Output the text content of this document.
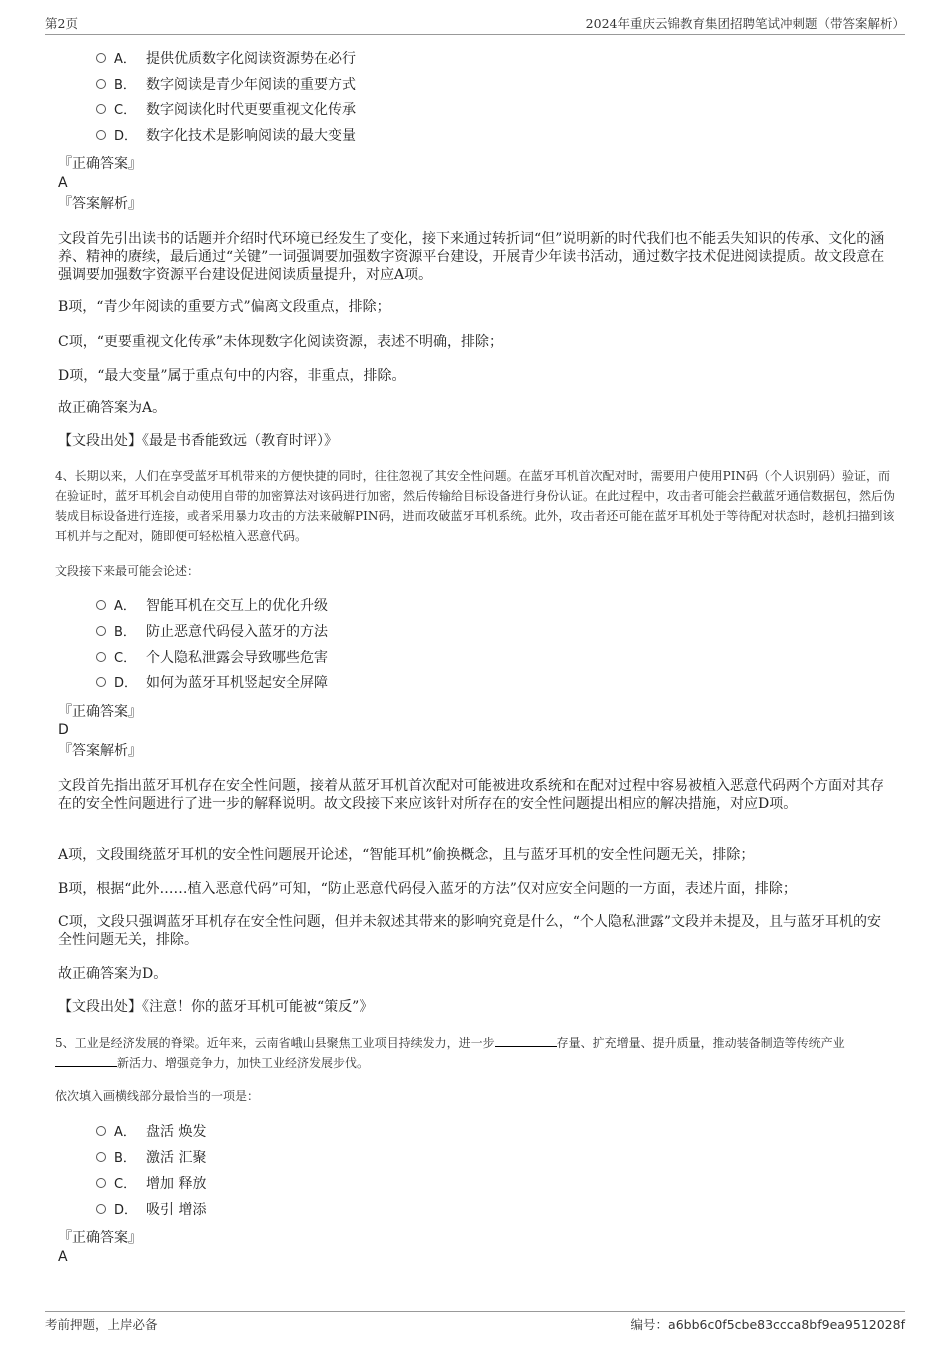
第2页	2024年重庆云锦教育集团招聘笔试冲刺题（带答案解析）
A． 提供优质数字化阅读资源势在必行
B． 数字阅读是青少年阅读的重要方式
C． 数字阅读化时代更要重视文化传承
D． 数字化技术是影响阅读的最大变量
『正确答案』
A
『答案解析』
文段首先引出读书的话题并介绍时代环境已经发生了变化，接下来通过转折词“但”说明新的时代我们也不能丢失知识的传承、文化的涵养、精神的赓续，最后通过“关键”一词强调要加强数字资源平台建设，开展青少年读书活动，通过数字技术促进阅读提质。故文段意在强调要加强数字资源平台建设促进阅读质量提升，对应A项。
B项，“青少年阅读的重要方式”偏离文段重点，排除；
C项，“更要重视文化传承”未体现数字化阅读资源，表述不明确，排除；
D项，“最大变量”属于重点句中的内容，非重点，排除。
故正确答案为A。
【文段出处】《最是书香能致远（教育时评）》
4、长期以来，人们在享受蓝牙耳机带来的方便快捷的同时，往往忽视了其安全性问题。在蓝牙耳机首次配对时，需要用户使用PIN码（个人识别码）验证，而在验证时，蓝牙耳机会自动使用自带的加密算法对该码进行加密，然后传输给目标设备进行身份认证。在此过程中，攻击者可能会拦截蓝牙通信数据包，然后伪装成目标设备进行连接，或者采用暴力攻击的方法来破解PIN码，进而攻破蓝牙耳机系统。此外，攻击者还可能在蓝牙耳机处于等待配对状态时，趁机扫描到该耳机并与之配对，随即便可轻松植入恶意代码。
文段接下来最可能会论述：
A． 智能耳机在交互上的优化升级
B． 防止恶意代码侵入蓝牙的方法
C． 个人隐私泄露会导致哪些危害
D． 如何为蓝牙耳机竖起安全屏障
『正确答案』
D
『答案解析』
文段首先指出蓝牙耳机存在安全性问题，接着从蓝牙耳机首次配对可能被进攻系统和在配对过程中容易被植入恶意代码两个方面对其存在的安全性问题进行了进一步的解释说明。故文段接下来应该针对所存在的安全性问题提出相应的解决措施，对应D项。
A项，文段围绕蓝牙耳机的安全性问题展开论述，“智能耳机”偷换概念，且与蓝牙耳机的安全性问题无关，排除；
B项，根据“此外……植入恶意代码”可知，“防止恶意代码侵入蓝牙的方法”仅对应安全问题的一方面，表述片面，排除；
C项，文段只强调蓝牙耳机存在安全性问题，但并未叙述其带来的影响究竟是什么，“个人隐私泄露”文段并未提及，且与蓝牙耳机的安全性问题无关，排除。
故正确答案为D。
【文段出处】《注意！你的蓝牙耳机可能被“策反”》
5、工业是经济发展的脊梁。近年来，云南省峨山县聚焦工业项目持续发力，进一步	存量、扩充增量、提升质量，推动装备制造等传统产业新活力、增强竞争力，加快工业经济发展步伐。
依次填入画横线部分最恰当的一项是：
A． 盘活 焕发
B． 激活 汇聚
C． 增加 释放
D． 吸引 增添
『正确答案』
A
考前押题，上岸必备	编号：a6bb6c0f5cbe83ccca8bf9ea9512028f
